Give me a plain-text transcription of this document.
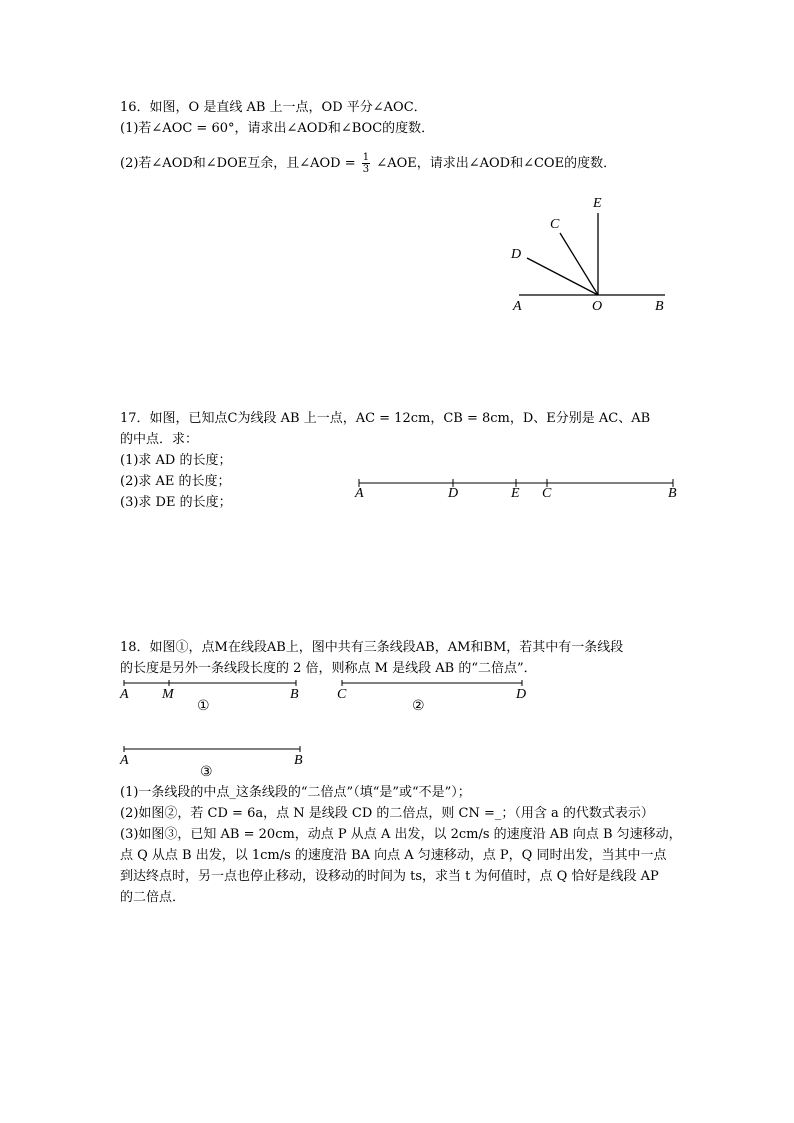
16．如图，O 是直线 AB 上一点，OD 平分∠AOC．
(1)若∠AOC = 60°，请求出∠AOD和∠BOC的度数．
(2)若∠AOD和∠DOE互余，且∠AOD = $\frac{1}{3}$ ∠AOE，请求出∠AOD和∠COE的度数．
E
C
D
A	O	B
A	D	E C	B
A M	B
①
C	D
②
A	B
③
17．如图，已知点C为线段 AB 上一点，AC = 12cm，CB = 8cm，D、E分别是 AC、AB
的中点．求：
(1)求 AD 的长度；
(2)求 AE 的长度；
(3)求 DE 的长度；
18．如图①，点M在线段AB上，图中共有三条线段AB，AM和BM，若其中有一条线段
的长度是另外一条线段长度的 2 倍，则称点 M 是线段 AB 的“二倍点”．
(1)一条线段的中点_这条线段的“二倍点”（填“是”或“不是”）；
(2)如图②，若 CD = 6a，点 N 是线段 CD 的二倍点，则 CN =_；（用含 a 的代数式表示）
(3)如图③，已知 AB = 20cm，动点 P 从点 A 出发，以 2cm/s 的速度沿 AB 向点 B 匀速移动，
点 Q 从点 B 出发，以 1cm/s 的速度沿 BA 向点 A 匀速移动，点 P，Q 同时出发，当其中一点
到达终点时，另一点也停止移动，设移动的时间为 ts，求当 t 为何值时，点 Q 恰好是线段 AP
的二倍点．
